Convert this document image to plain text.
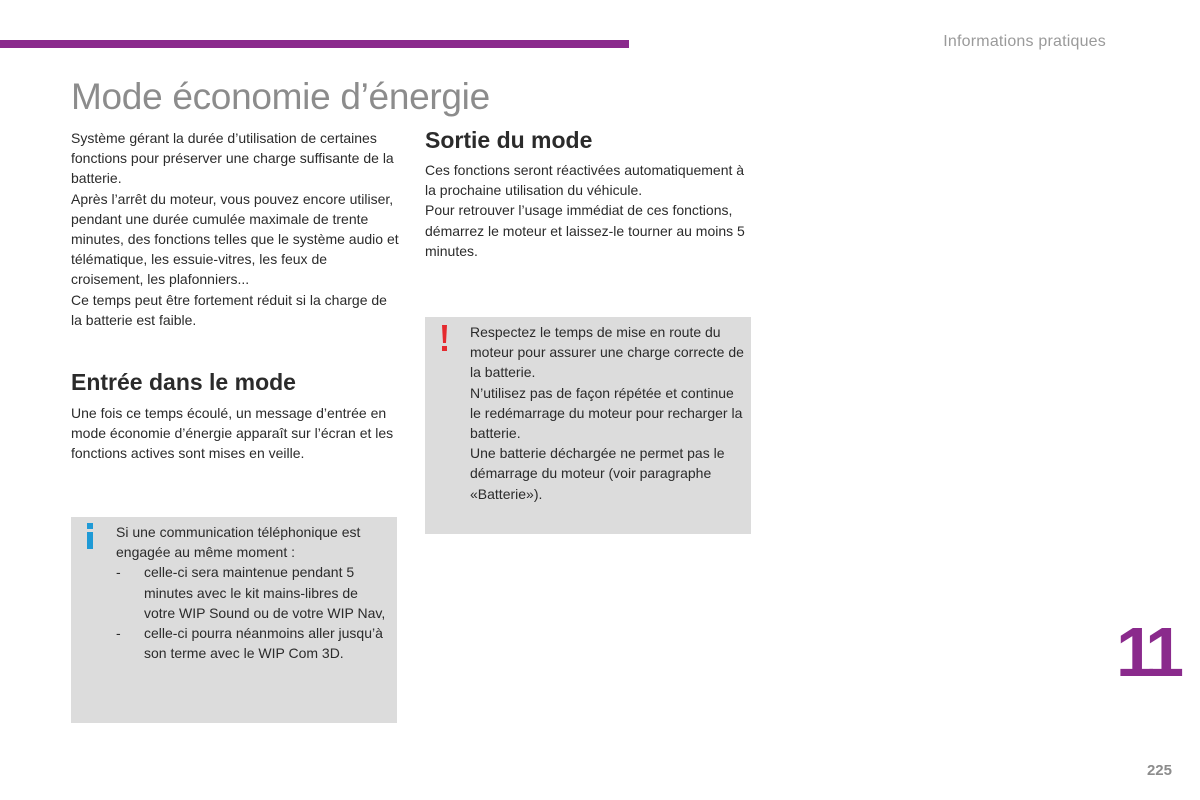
Informations pratiques
Mode économie d’énergie

Système gérant la durée d’utilisation de certaines fonctions pour préserver une charge suffisante de la batterie.

Après l’arrêt du moteur, vous pouvez encore utiliser, pendant une durée cumulée maximale de trente minutes, des fonctions telles que le système audio et télématique, les essuie-vitres, les feux de croisement, les plafonniers...

Ce temps peut être fortement réduit si la charge de la batterie est faible.

Entrée dans le mode

Une fois ce temps écoulé, un message d’entrée en mode économie d’énergie apparaît sur l’écran et les fonctions actives sont mises en veille.

Si une communication téléphonique est engagée au même moment :

- celle-ci sera maintenue pendant 5 minutes avec le kit mains-libres de votre WIP Sound ou de votre WIP Nav,
- celle-ci pourra néanmoins aller jusqu’à son terme avec le WIP Com 3D.
Sortie du mode

Ces fonctions seront réactivées automatiquement à la prochaine utilisation du véhicule.

Pour retrouver l’usage immédiat de ces fonctions, démarrez le moteur et laissez-le tourner au moins 5 minutes.

Respectez le temps de mise en route du moteur pour assurer une charge correcte de la batterie.

N’utilisez pas de façon répétée et continue le redémarrage du moteur pour recharger la batterie.

Une batterie déchargée ne permet pas le démarrage du moteur (voir paragraphe «Batterie»).

11
225
